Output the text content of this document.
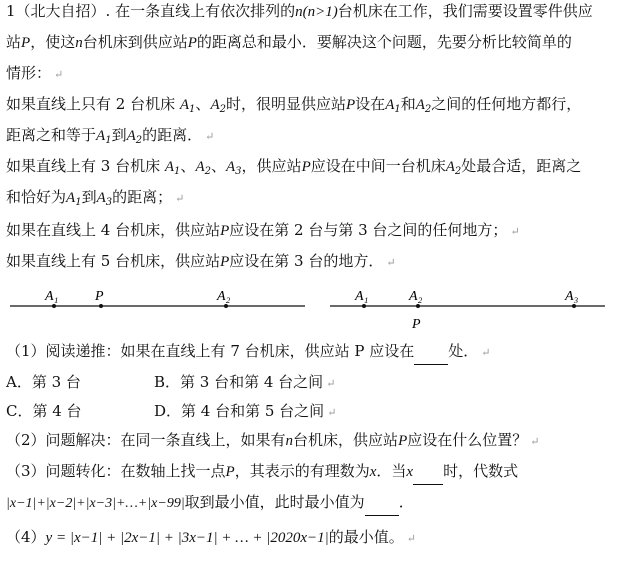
1（北大自招）. 在一条直线上有依次排列的n(n>1)台机床在工作，我们需要设置零件供应
站P，使这n台机床到供应站P的距离总和最小．要解决这个问题，先要分析比较简单的
情形： ↵
如果直线上只有 2 台机床 $A_1$、$A_2$时，很明显供应站P设在$A_1$和$A_2$之间的任何地方都行，
距离之和等于$A_1$到$A_2$的距离． ↵
如果直线上有 3 台机床 $A_1$、$A_2$、$A_3$，供应站P应设在中间一台机床$A_2$处最合适，距离之
和恰好为$A_1$到$A_3$的距离； ↵
如果在直线上 4 台机床，供应站P应设在第 2 台与第 3 台之间的任何地方； ↵
如果直线上有 5 台机床，供应站P应设在第 3 台的地方． ↵
A₁	P	A₂	A₁	A₂
P
A₃
（1）阅读递推：如果在直线上有 7 台机床，供应站 P 应设在 处． ↵
A．第 3 台	B．第 3 台和第 4 台之间 ↵
C．第 4 台	D．第 4 台和第 5 台之间 ↵
（2）问题解决：在同一条直线上，如果有n台机床，供应站P应设在什么位置？ ↵
（3）问题转化：在数轴上找一点P，其表示的有理数为x．当x 时，代数式
|x−1|+|x−2|+|x−3|+…+|x−99|取到最小值，此时最小值为 ．
（4）y = |x−1| + |2x−1| + |3x−1| + … + |2020x−1|的最小值。 ↵
